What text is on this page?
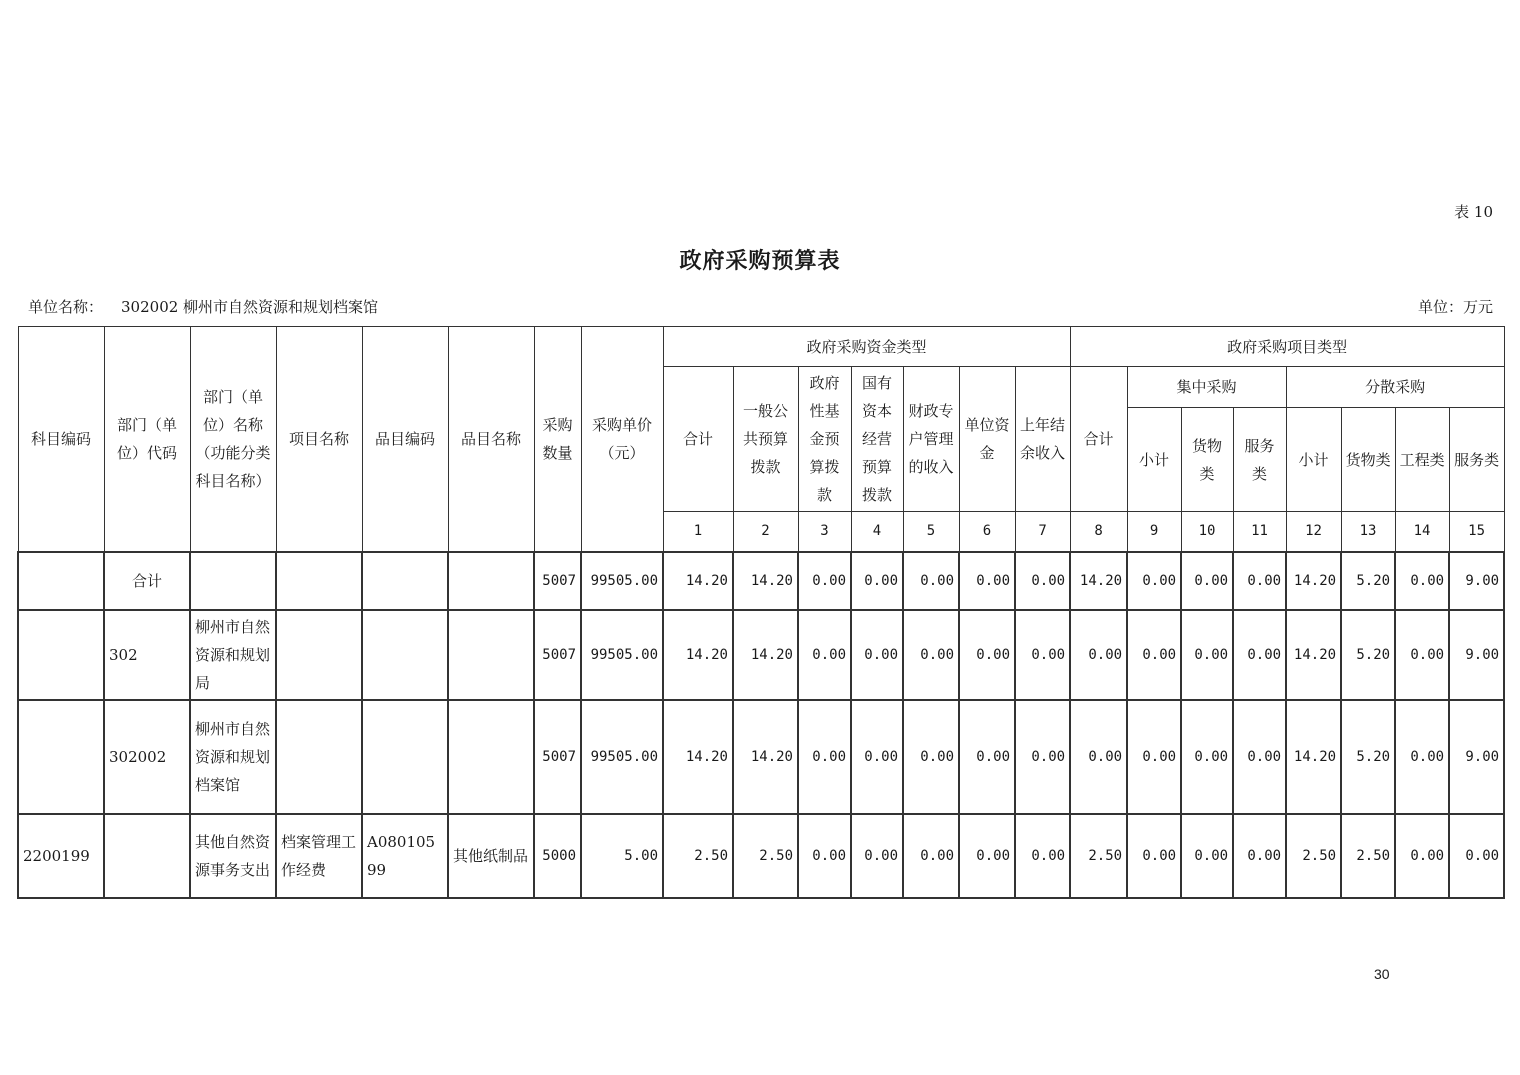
表 10
政府采购预算表
单位名称： 302002 柳州市自然资源和规划档案馆	单位：万元
科目编码	部门（单位）代码	部门（单位）名称（功能分类科目名称）	项目名称	品目编码	品目名称	采购数量	采购单价（元）	政府采购资金类型							政府采购项目类型							
								合计	一般公共预算拨款	政府性基金预算拨款	国有资本经营预算拨款	财政专户管理的收入	单位资金	上年结余收入	合计	集中采购			分散采购			
																小计	货物类	服务类	小计	货物类	工程类	服务类
								1	2	3	4	5	6	7	8	9	10	11	12	13	14	15
	合计					5007	99505.00	14.20	14.20	0.00	0.00	0.00	0.00	0.00	14.20	0.00	0.00	0.00	14.20	5.20	0.00	9.00
	302	柳州市自然资源和规划局				5007	99505.00	14.20	14.20	0.00	0.00	0.00	0.00	0.00	0.00	0.00	0.00	0.00	14.20	5.20	0.00	9.00
	302002	柳州市自然资源和规划档案馆				5007	99505.00	14.20	14.20	0.00	0.00	0.00	0.00	0.00	0.00	0.00	0.00	0.00	14.20	5.20	0.00	9.00
2200199		其他自然资源事务支出	档案管理工作经费	A08010599	其他纸制品	5000	5.00	2.50	2.50	0.00	0.00	0.00	0.00	0.00	2.50	0.00	0.00	0.00	2.50	2.50	0.00	0.00
30
